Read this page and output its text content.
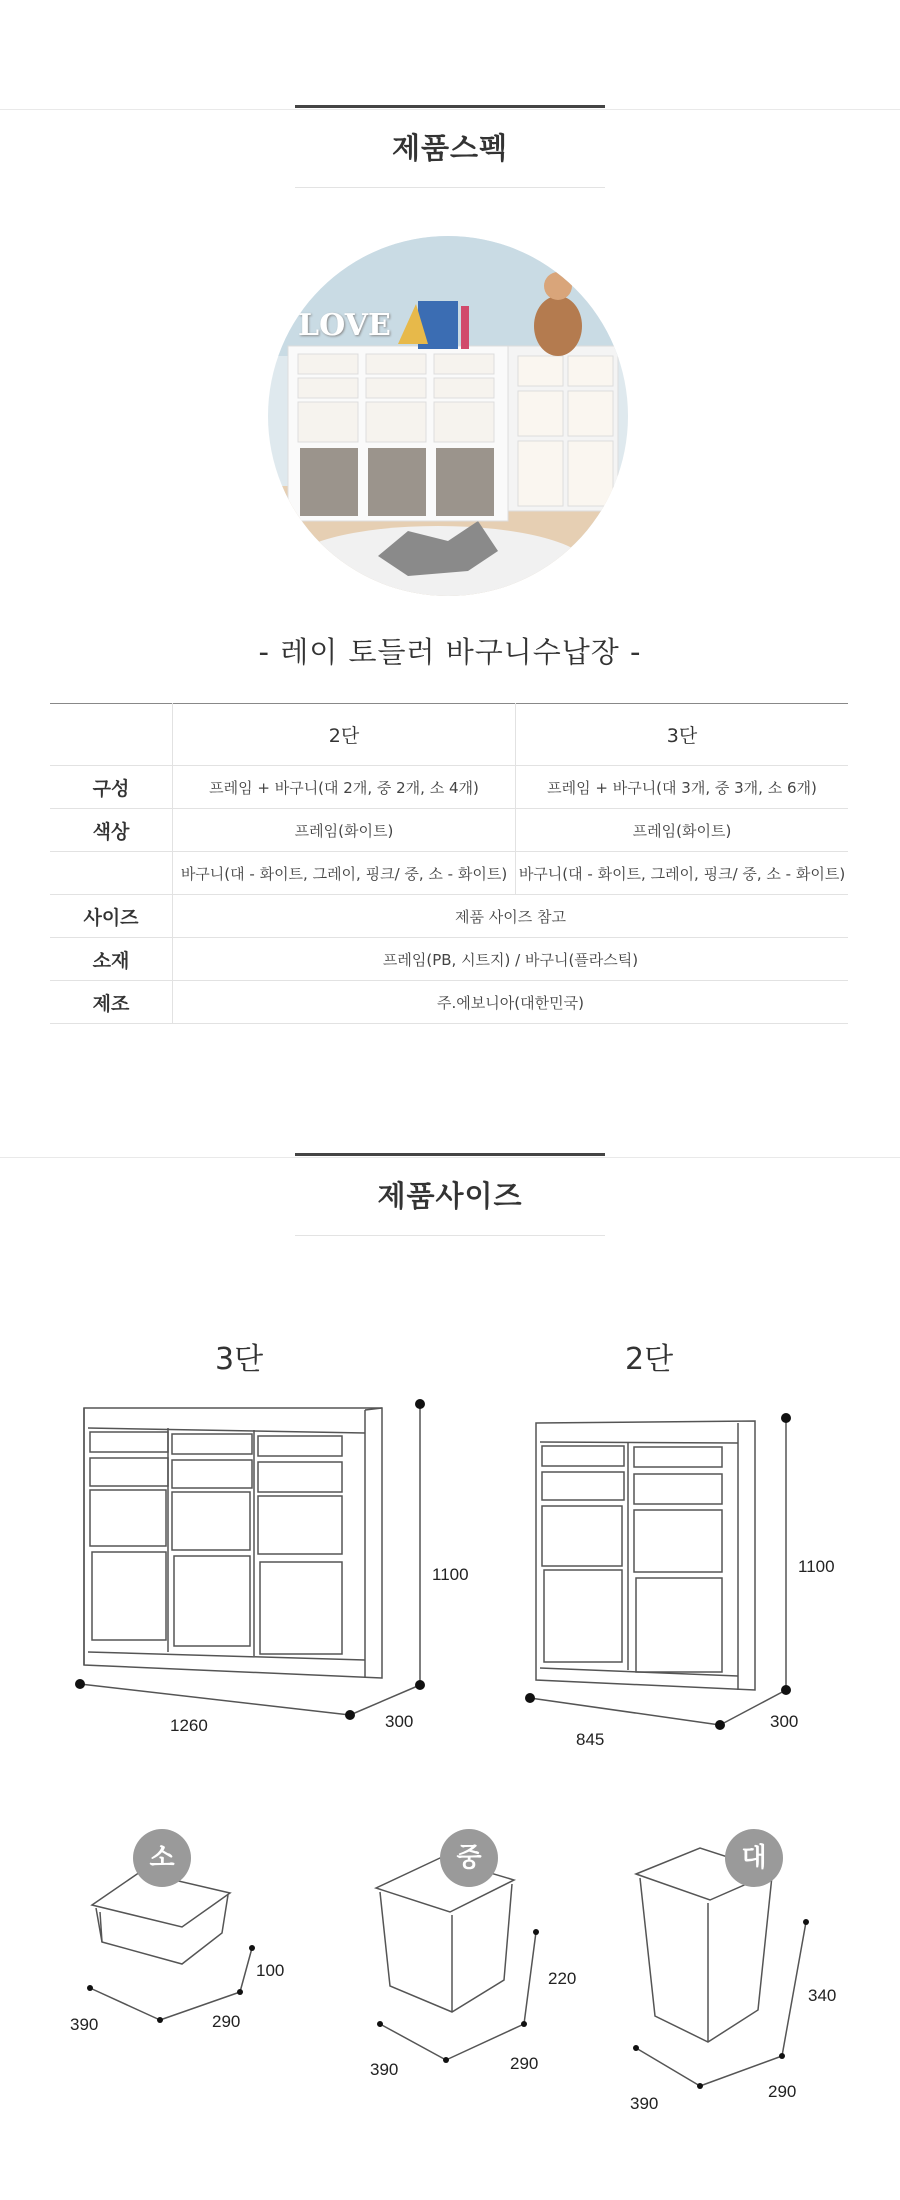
제품스펙
LOVE
- 레이 토들러 바구니수납장 -
	2단	3단
구성	프레임 + 바구니(대 2개, 중 2개, 소 4개)	프레임 + 바구니(대 3개, 중 3개, 소 6개)
색상	프레임(화이트)	프레임(화이트)
	바구니(대 - 화이트, 그레이, 핑크/ 중, 소 - 화이트)	바구니(대 - 화이트, 그레이, 핑크/ 중, 소 - 화이트)
사이즈	제품 사이즈 참고	
소재	프레임(PB, 시트지) / 바구니(플라스틱)	
제조	주.에보니아(대한민국)	
제품사이즈
3단	2단
1100
1260	300
1100
845
300
소	중	대
100
390	290
220
390	290
340
390
290
